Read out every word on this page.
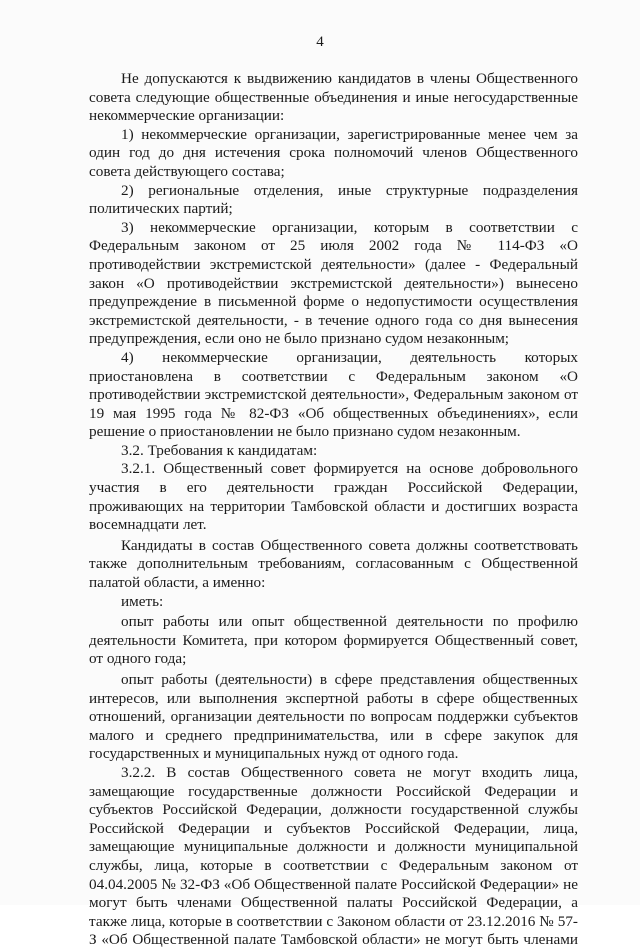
4

Не допускаются к выдвижению кандидатов в члены Общественного совета следующие общественные объединения и иные негосударственные некоммерческие организации:

1) некоммерческие организации, зарегистрированные менее чем за один год до дня истечения срока полномочий членов Общественного совета действующего состава;

2) региональные отделения, иные структурные подразделения политических партий;

3) некоммерческие организации, которым в соответствии с Федеральным законом от 25 июля 2002 года № 114-ФЗ «О противодействии экстремистской деятельности» (далее - Федеральный закон «О противодействии экстремистской деятельности») вынесено предупреждение в письменной форме о недопустимости осуществления экстремистской деятельности, - в течение одного года со дня вынесения предупреждения, если оно не было признано судом незаконным;

4) некоммерческие организации, деятельность которых приостановлена в соответствии с Федеральным законом «О противодействии экстремистской деятельности», Федеральным законом от 19 мая 1995 года № 82-ФЗ «Об общественных объединениях», если решение о приостановлении не было признано судом незаконным.

3.2. Требования к кандидатам:

3.2.1. Общественный совет формируется на основе добровольного участия в его деятельности граждан Российской Федерации, проживающих на территории Тамбовской области и достигших возраста восемнадцати лет.

Кандидаты в состав Общественного совета должны соответствовать также дополнительным требованиям, согласованным с Общественной палатой области, а именно:

иметь:

опыт работы или опыт общественной деятельности по профилю деятельности Комитета, при котором формируется Общественный совет, от одного года;

опыт работы (деятельности) в сфере представления общественных интересов, или выполнения экспертной работы в сфере общественных отношений, организации деятельности по вопросам поддержки субъектов малого и среднего предпринимательства, или в сфере закупок для государственных и муниципальных нужд от одного года.

3.2.2. В состав Общественного совета не могут входить лица, замещающие государственные должности Российской Федерации и субъектов Российской Федерации, должности государственной службы Российской Федерации и субъектов Российской Федерации, лица, замещающие муниципальные должности и должности муниципальной службы, лица, которые в соответствии с Федеральным законом от 04.04.2005 № 32-ФЗ «Об Общественной палате Российской Федерации» не могут быть членами Общественной палаты Российской Федерации, а также лица, которые в соответствии с Законом области от 23.12.2016 № 57-З «Об Общественной палате Тамбовской области» не могут быть членами
